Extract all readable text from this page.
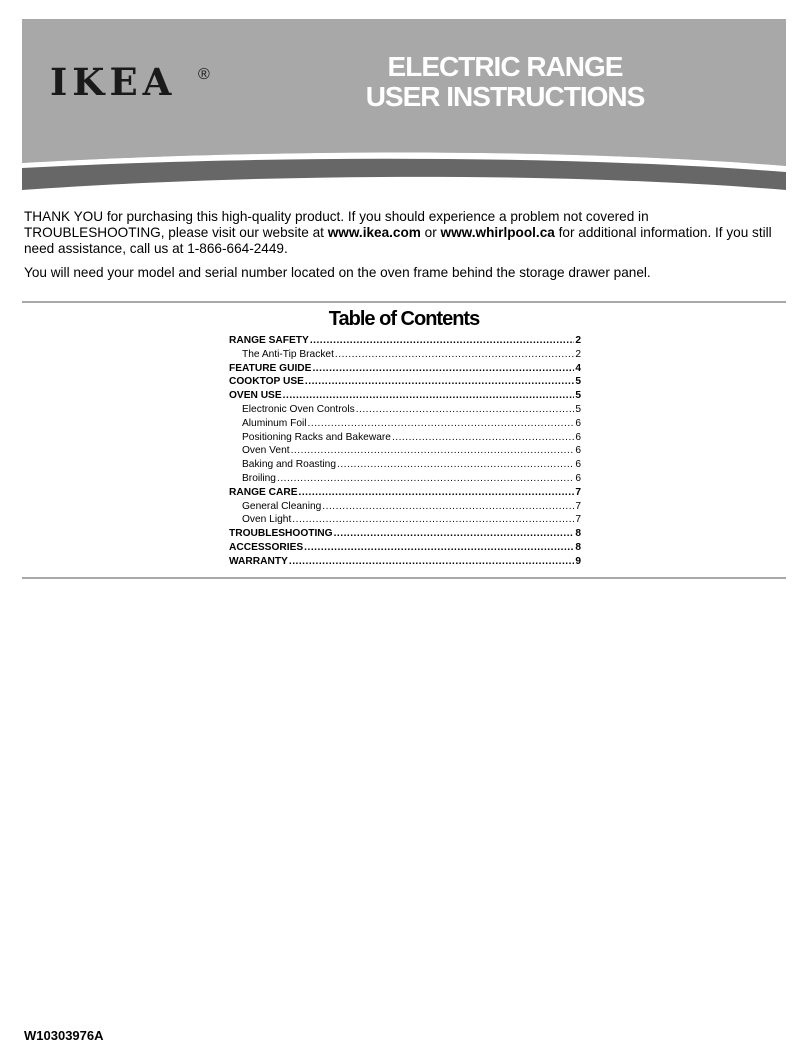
IKEA ®	ELECTRIC RANGE
USER INSTRUCTIONS

THANK YOU for purchasing this high-quality product. If you should experience a problem not covered in TROUBLESHOOTING, please visit our website at www.ikea.com or www.whirlpool.ca for additional information. If you still need assistance, call us at 1-866-664-2449.

You will need your model and serial number located on the oven frame behind the storage drawer panel.

Table of Contents
RANGE SAFETY .....	2
The Anti-Tip Bracket .....	2
FEATURE GUIDE .....	4
COOKTOP USE .....	5
OVEN USE .....	5
Electronic Oven Controls .....	5
Aluminum Foil .....	6
Positioning Racks and Bakeware .....	6
Oven Vent .....	6
Baking and Roasting .....	6
Broiling .....	6
RANGE CARE .....	7
General Cleaning .....	7
Oven Light .....	7
TROUBLESHOOTING .....	8
ACCESSORIES .....	8
WARRANTY .....	9
W10303976A
